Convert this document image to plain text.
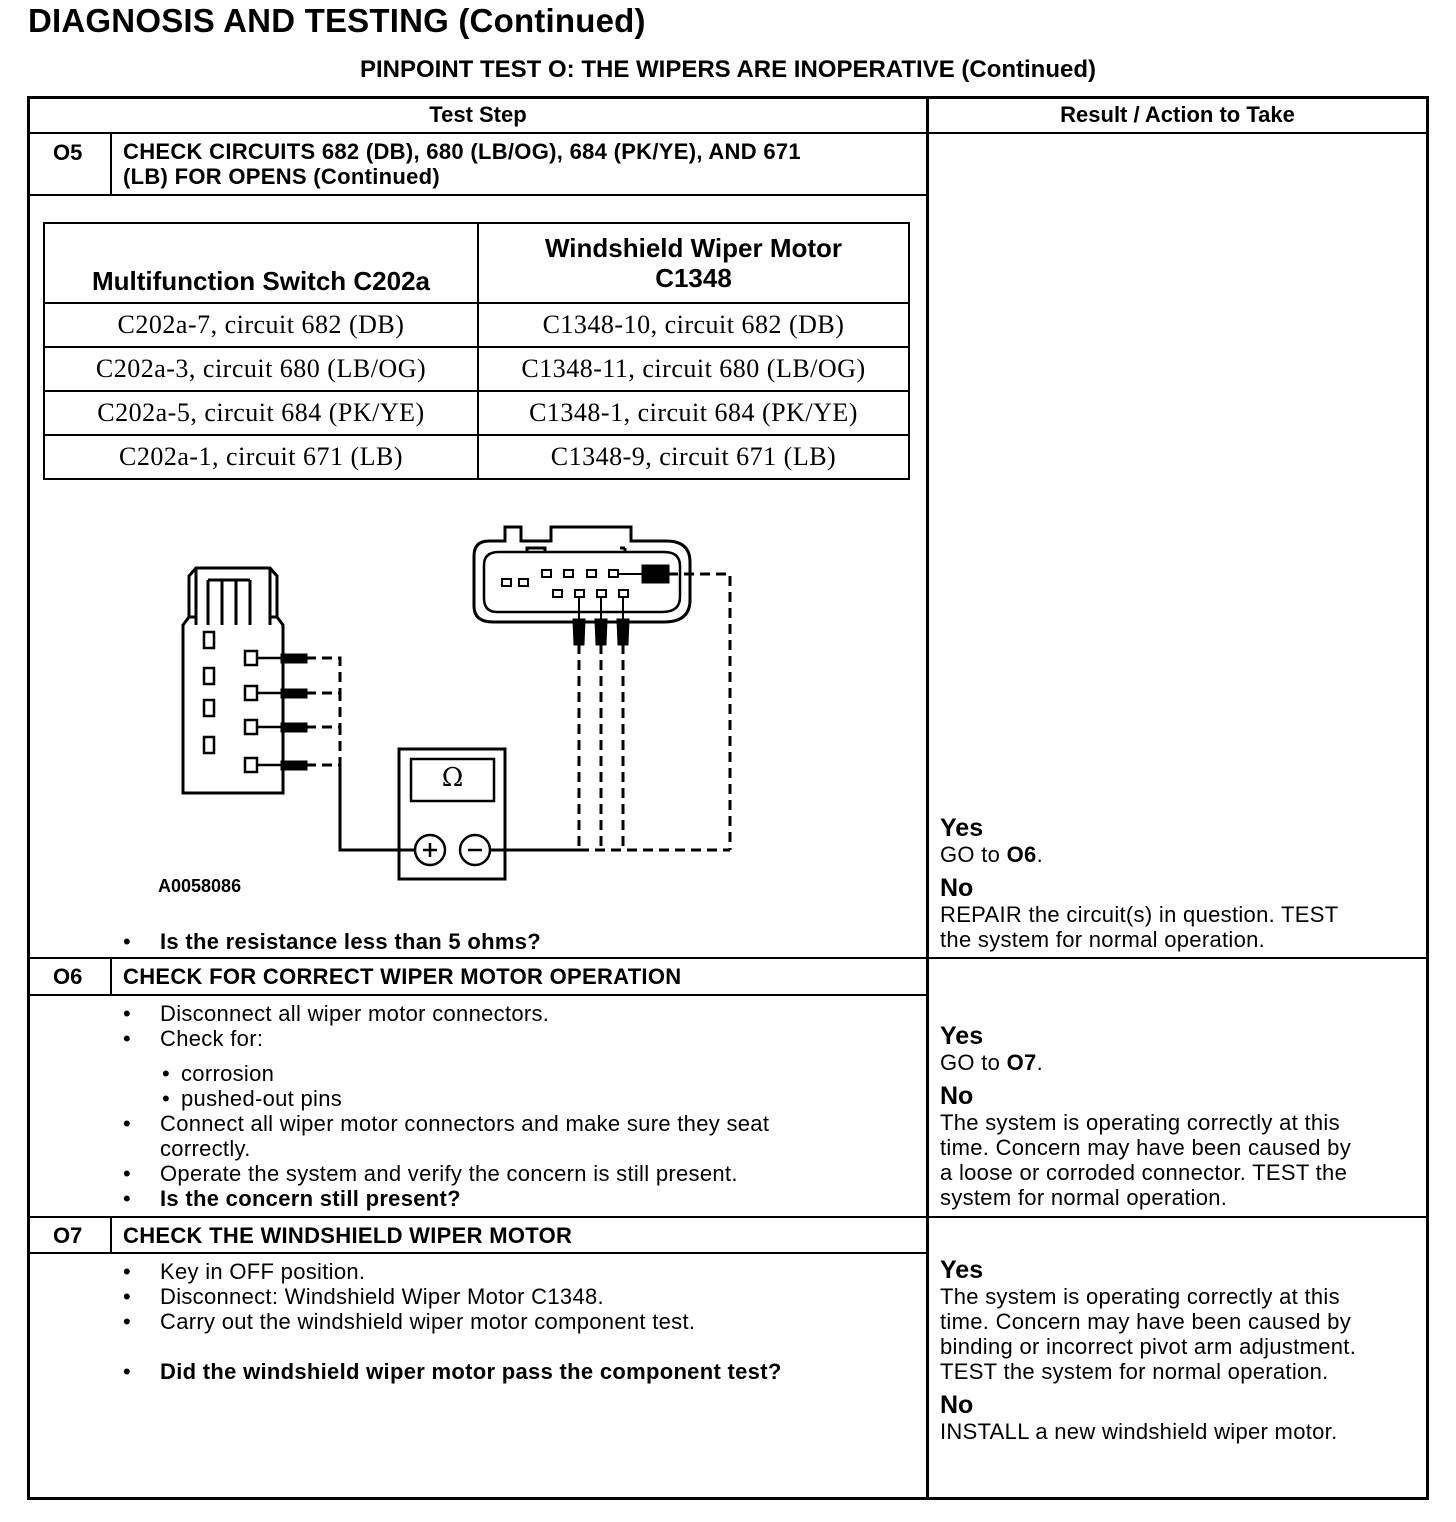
DIAGNOSIS AND TESTING (Continued)
PINPOINT TEST O: THE WIPERS ARE INOPERATIVE (Continued)
Test Step	Result / Action to Take
O5 CHECK CIRCUITS 682 (DB), 680 (LB/OG), 684 (PK/YE), AND 671
(LB) FOR OPENS (Continued)
Multifunction Switch C202a	Windshield Wiper Motor
C1348

C202a-7, circuit 682 (DB)	C1348-10, circuit 682 (DB)
C202a-3, circuit 680 (LB/OG)	C1348-11, circuit 680 (LB/OG)
C202a-5, circuit 684 (PK/YE)	C1348-1, circuit 684 (PK/YE)
C202a-1, circuit 671 (LB)	C1348-9, circuit 671 (LB)
Ω
A0058086
• Is the resistance less than 5 ohms?
Yes
GO to O6.
No
REPAIR the circuit(s) in question. TEST
the system for normal operation.
O6 CHECK FOR CORRECT WIPER MOTOR OPERATION
• Disconnect all wiper motor connectors.
• Check for:
• corrosion
• pushed-out pins
• Connect all wiper motor connectors and make sure they seat
correctly.
• Operate the system and verify the concern is still present.
• Is the concern still present?
Yes
GO to O7.
No
The system is operating correctly at this
time. Concern may have been caused by
a loose or corroded connector. TEST the
system for normal operation.
O7 CHECK THE WINDSHIELD WIPER MOTOR
• Key in OFF position.
• Disconnect: Windshield Wiper Motor C1348.
• Carry out the windshield wiper motor component test.
• Did the windshield wiper motor pass the component test?
Yes
The system is operating correctly at this
time. Concern may have been caused by
binding or incorrect pivot arm adjustment.
TEST the system for normal operation.
No
INSTALL a new windshield wiper motor.
